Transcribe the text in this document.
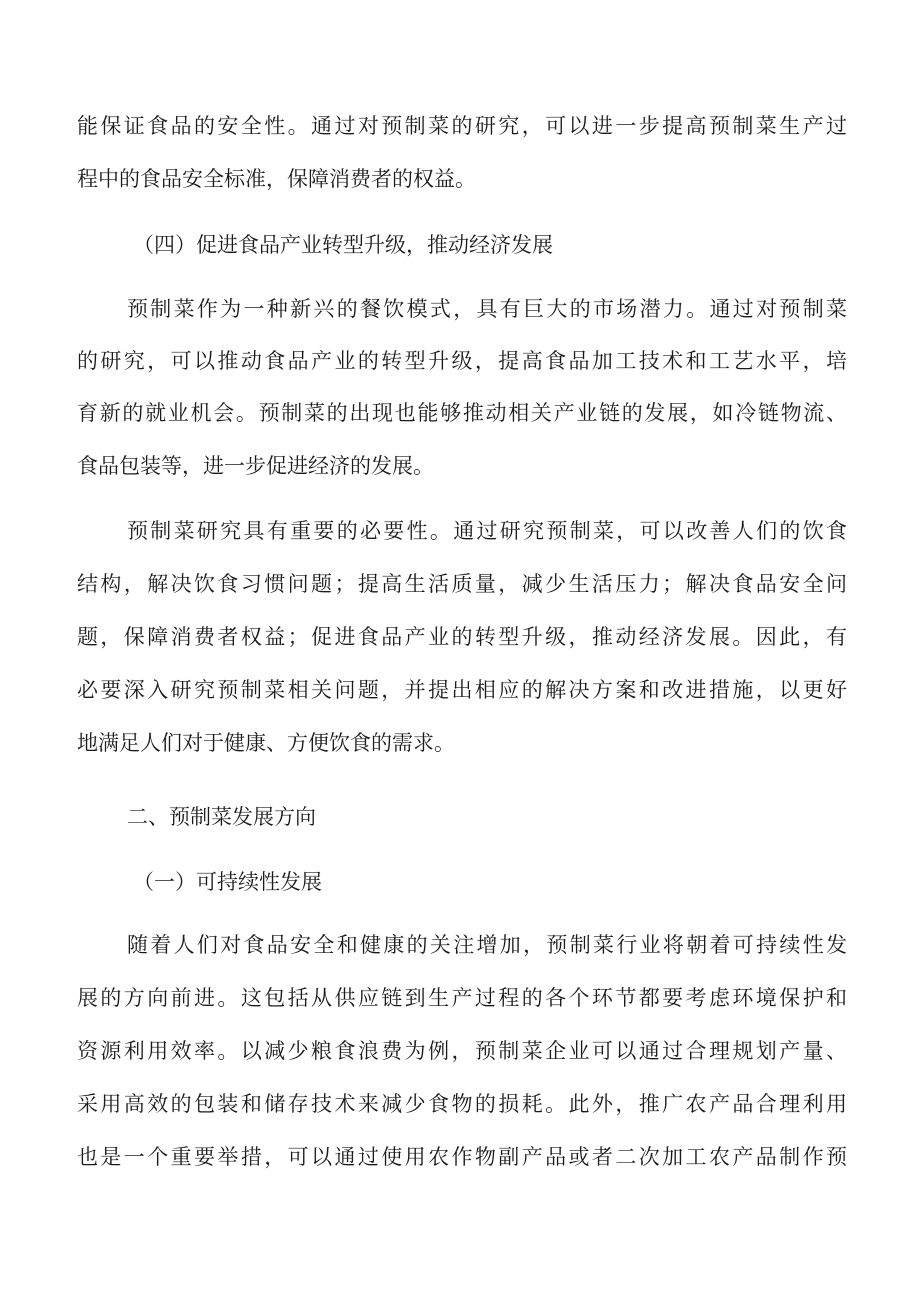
能保证食品的安全性。通过对预制菜的研究，可以进一步提高预制菜生产过
程中的食品安全标准，保障消费者的权益。
（四）促进食品产业转型升级，推动经济发展
预制菜作为一种新兴的餐饮模式，具有巨大的市场潜力。通过对预制菜
的研究，可以推动食品产业的转型升级，提高食品加工技术和工艺水平，培
育新的就业机会。预制菜的出现也能够推动相关产业链的发展，如冷链物流、
食品包装等，进一步促进经济的发展。
预制菜研究具有重要的必要性。通过研究预制菜，可以改善人们的饮食
结构，解决饮食习惯问题；提高生活质量，减少生活压力；解决食品安全问
题，保障消费者权益；促进食品产业的转型升级，推动经济发展。因此，有
必要深入研究预制菜相关问题，并提出相应的解决方案和改进措施，以更好
地满足人们对于健康、方便饮食的需求。
二、预制菜发展方向
（一）可持续性发展
随着人们对食品安全和健康的关注增加，预制菜行业将朝着可持续性发
展的方向前进。这包括从供应链到生产过程的各个环节都要考虑环境保护和
资源利用效率。以减少粮食浪费为例，预制菜企业可以通过合理规划产量、
采用高效的包装和储存技术来减少食物的损耗。此外，推广农产品合理利用
也是一个重要举措，可以通过使用农作物副产品或者二次加工农产品制作预
